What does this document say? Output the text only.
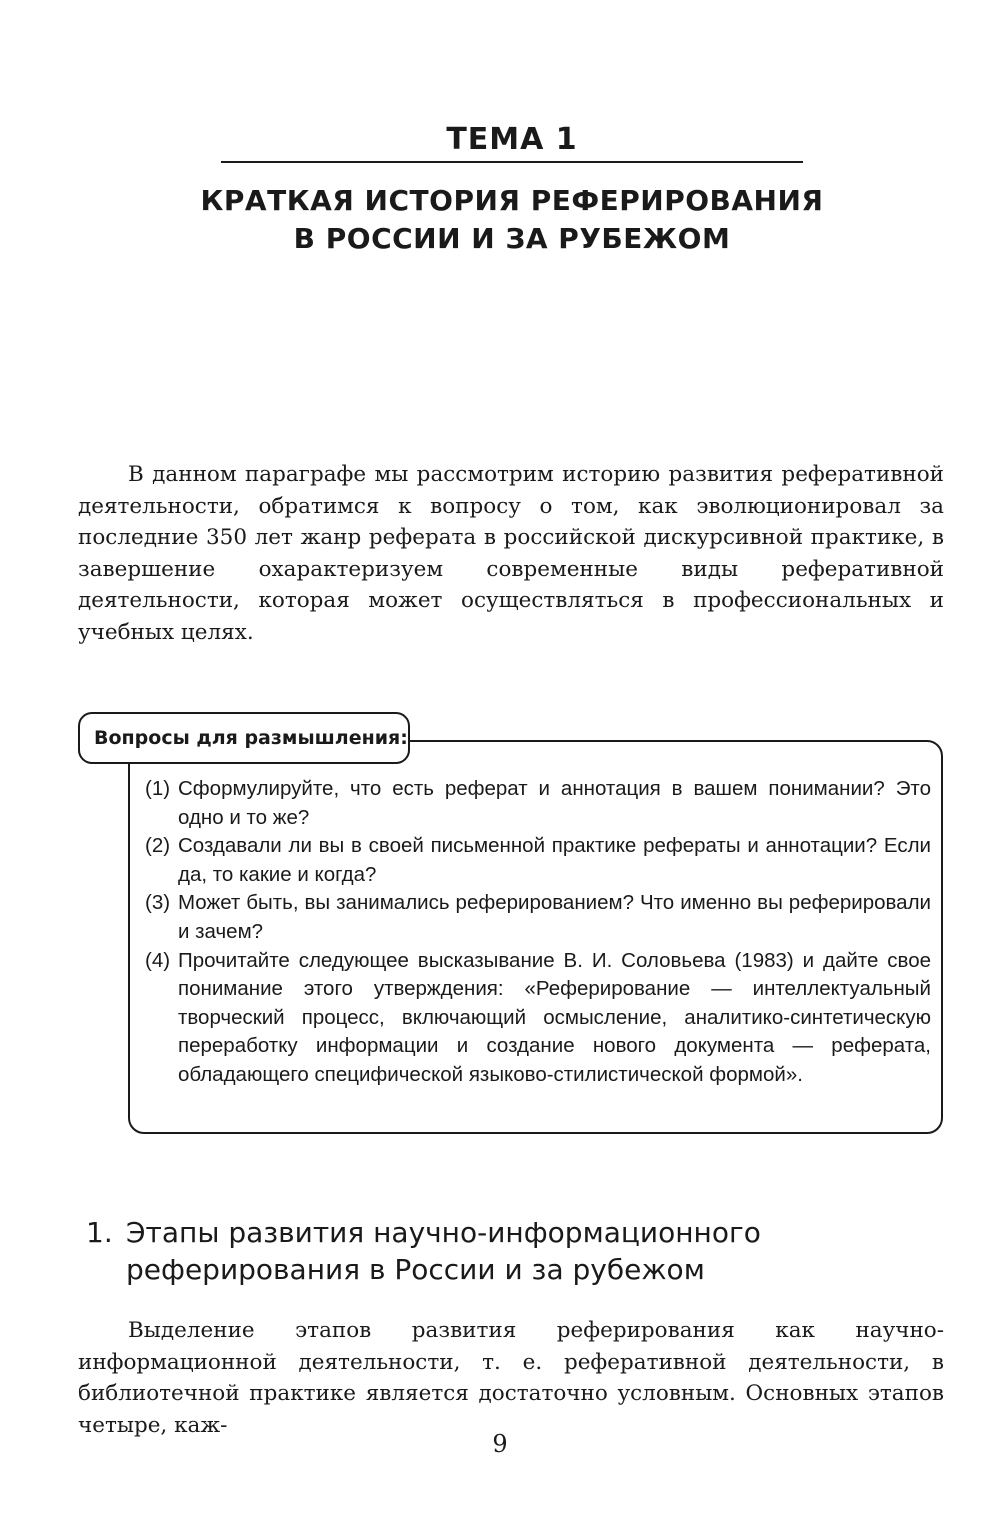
ТЕМА 1
КРАТКАЯ ИСТОРИЯ РЕФЕРИРОВАНИЯ
В РОССИИ И ЗА РУБЕЖОМ

В данном параграфе мы рассмотрим историю развития реферативной деятельности, обратимся к вопросу о том, как эволюционировал за последние 350 лет жанр реферата в российской дискурсивной практике, в завершение охарактеризуем современные виды реферативной деятельности, которая может осуществляться в профессиональных и учебных целях.

Вопросы для размышления:
(1) Сформулируйте, что есть реферат и аннотация в вашем понимании? Это одно и то же?
(2) Создавали ли вы в своей письменной практике рефераты и аннотации? Если да, то какие и когда?
(3) Может быть, вы занимались реферированием? Что именно вы реферировали и зачем?
(4) Прочитайте следующее высказывание В. И. Соловьева (1983) и дайте свое понимание этого утверждения: «Реферирование — интеллектуальный творческий процесс, включающий осмысление, аналитико-синтетическую переработку информации и создание нового документа — реферата, обладающего специфической языково-стилистической формой».
1. Этапы развития научно-информационного
реферирования в России и за рубежом

Выделение этапов развития реферирования как научно-информационной деятельности, т. е. реферативной деятельности, в библиотечной практике является достаточно условным. Основных этапов четыре, каж-

9
